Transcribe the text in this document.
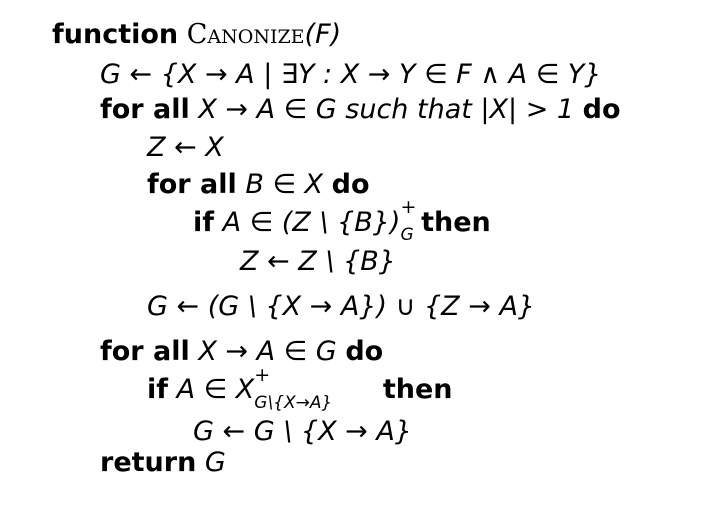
function Canonize(F)
G ← {X → A | ∃Y : X → Y ∈ F ∧ A ∈ Y}
for all X → A ∈ G such that |X| > 1 do
Z ← X
for all B ∈ X do
if A ∈ (Z \ {B}) +
G then
Z ← Z \ {B}
G ← (G \ {X → A}) ∪ {Z → A}
for all X → A ∈ G do
if A ∈ X +
G\{X→A} then
G ← G \ {X → A}
return G
